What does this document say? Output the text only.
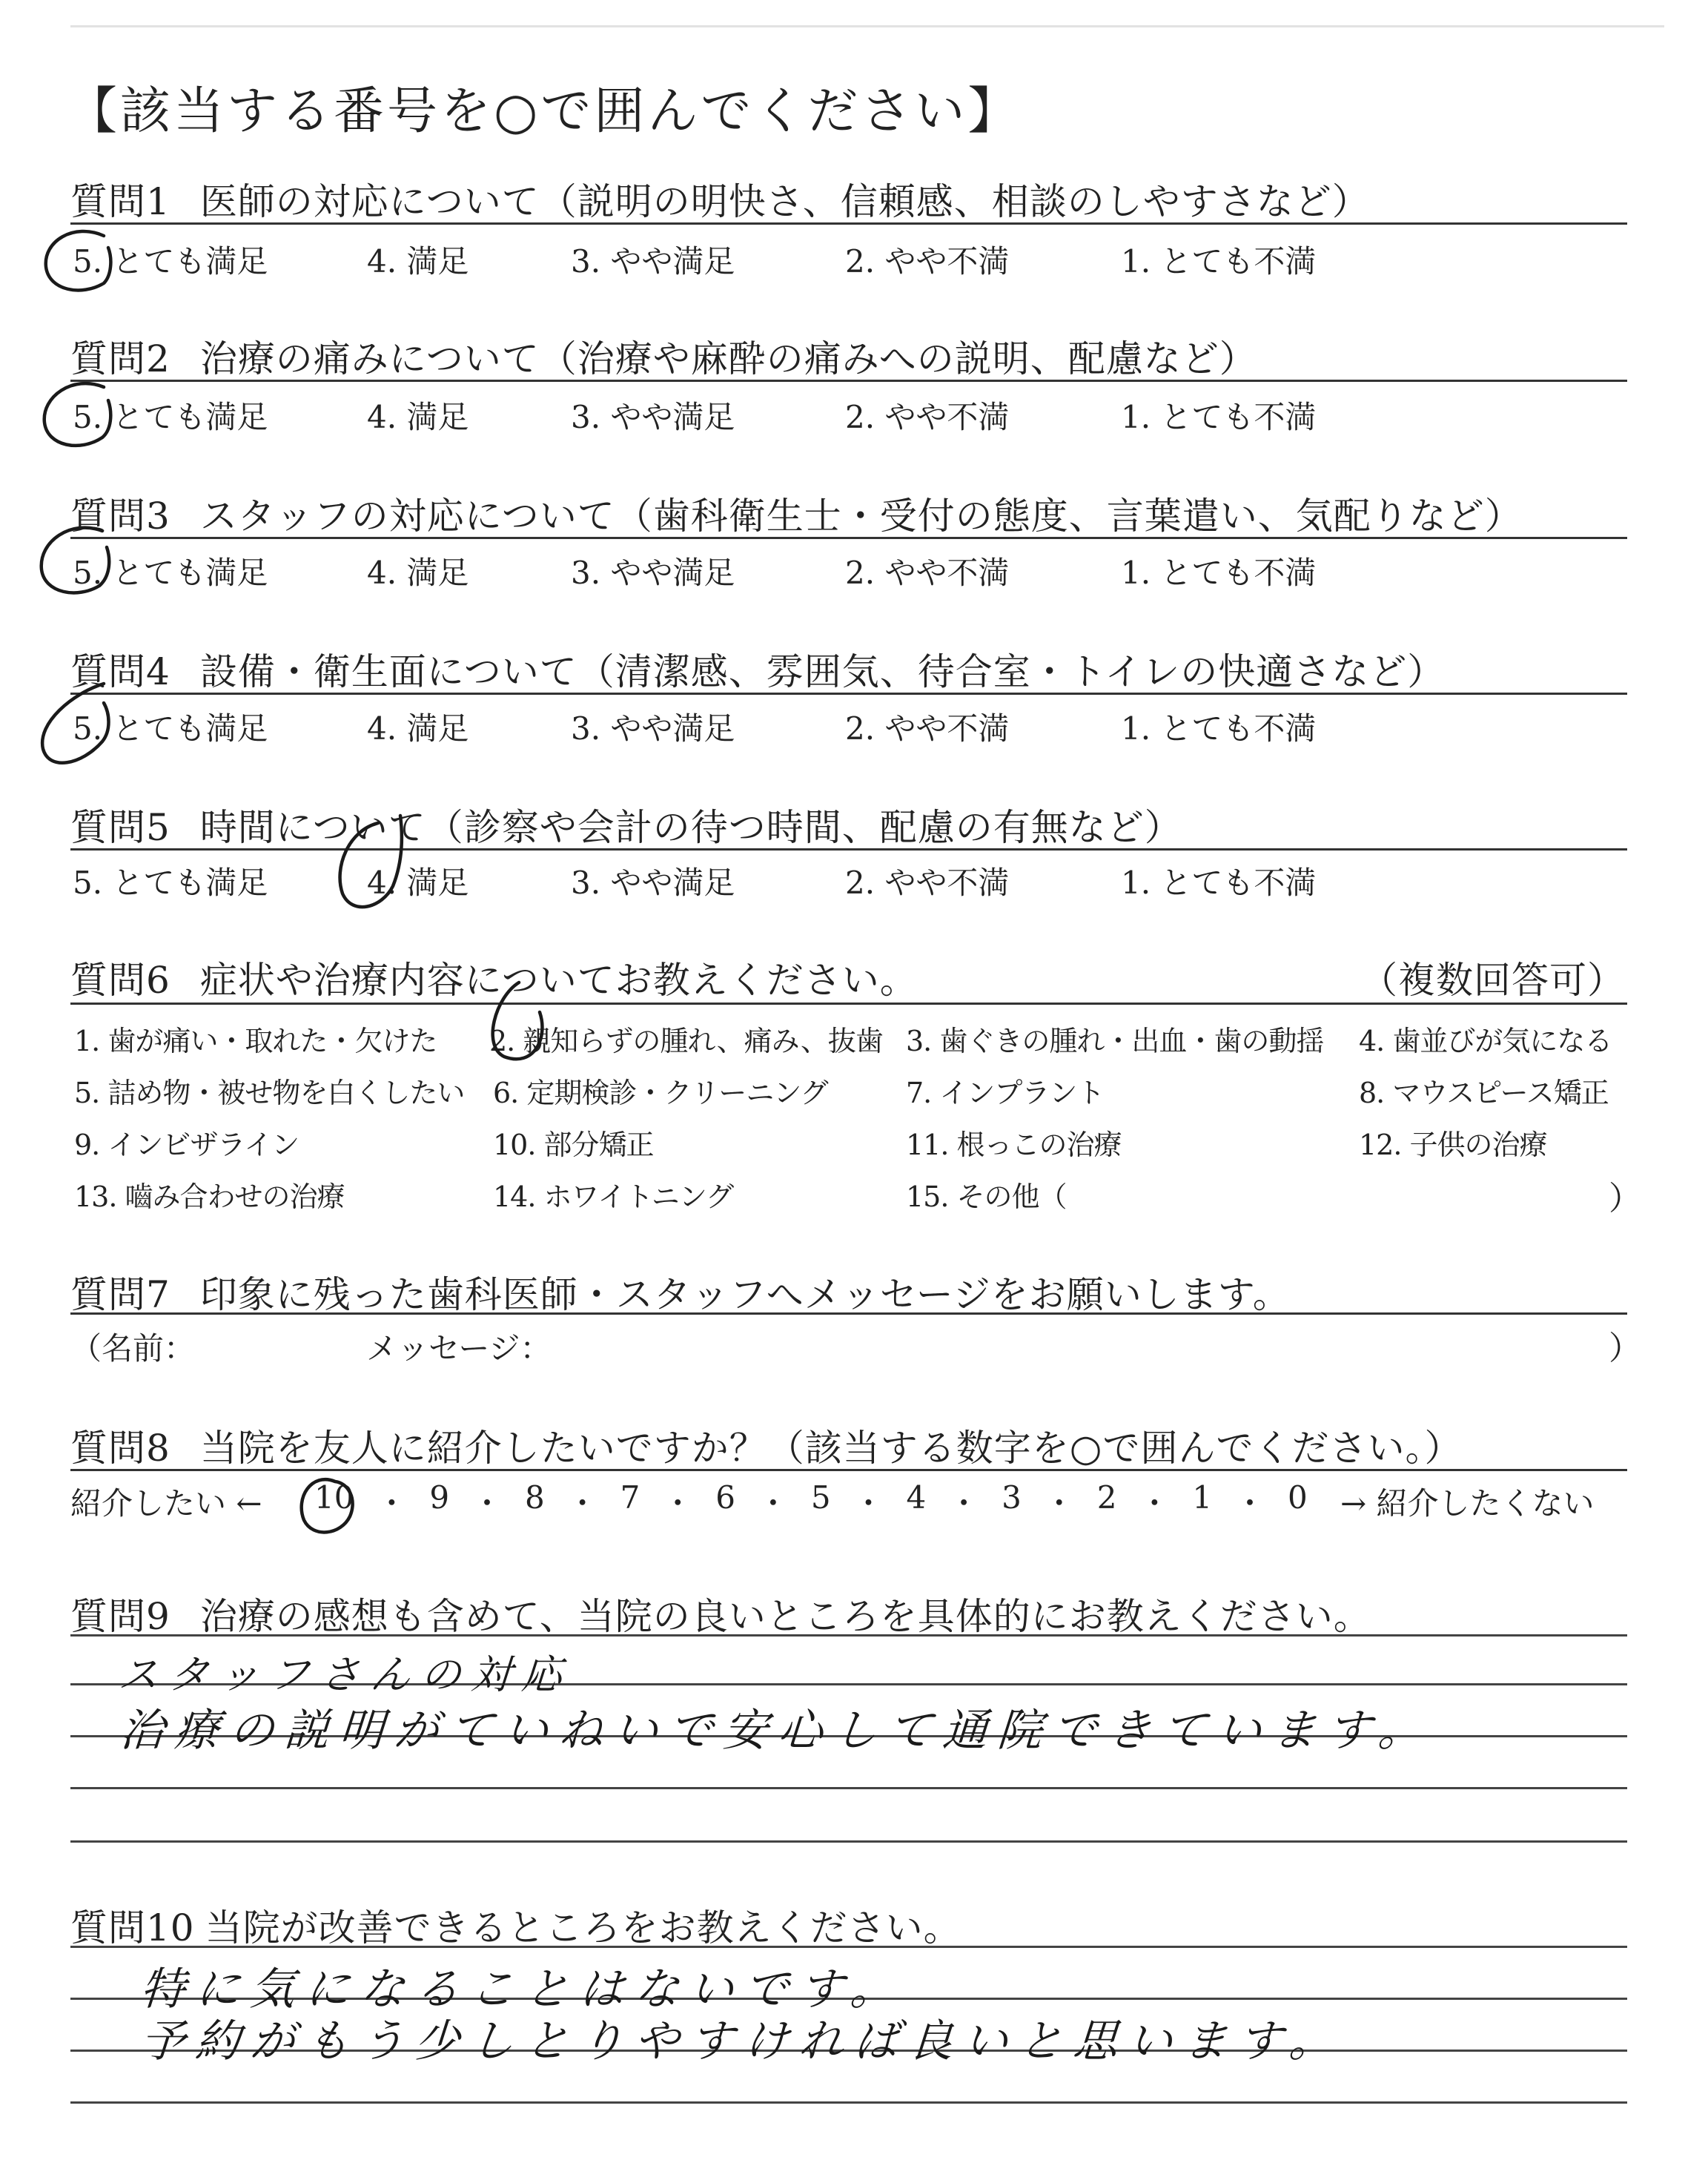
【該当する番号を○で囲んでください】
質問1 医師の対応について（説明の明快さ、信頼感、相談のしやすさなど）
5. とても満足	4. 満足	3. やや満足	2. やや不満	1. とても不満
質問2 治療の痛みについて（治療や麻酔の痛みへの説明、配慮など）
5. とても満足	4. 満足	3. やや満足	2. やや不満	1. とても不満
質問3 スタッフの対応について（歯科衛生士・受付の態度、言葉遣い、気配りなど）
5. とても満足	4. 満足	3. やや満足	2. やや不満	1. とても不満
質問4 設備・衛生面について（清潔感、雰囲気、待合室・トイレの快適さなど）
5. とても満足	4. 満足	3. やや満足	2. やや不満	1. とても不満
質問5 時間について（診察や会計の待つ時間、配慮の有無など）
5. とても満足	4. 満足	3. やや満足	2. やや不満	1. とても不満
質問6 症状や治療内容についてお教えください。	（複数回答可）
1. 歯が痛い・取れた・欠けた 2. 親知らずの腫れ、痛み、抜歯 3. 歯ぐきの腫れ・出血・歯の動揺 4. 歯並びが気になる
5. 詰め物・被せ物を白くしたい 6. 定期検診・クリーニング	7. インプラント	8. マウスピース矯正
9. インビザライン	10. 部分矯正	11. 根っこの治療	12. 子供の治療
13. 嚙み合わせの治療	14. ホワイトニング	15. その他（	）
質問7 印象に残った歯科医師・スタッフへメッセージをお願いします。
（名前：	メッセージ：	）
質問8 当院を友人に紹介したいですか？（該当する数字を○で囲んでください。）
紹介したい ← 10 ・ 9 ・ 8 ・ 7 ・ 6 ・ 5 ・ 4 ・ 3 ・ 2 ・ 1 ・ 0 → 紹介したくない
質問9 治療の感想も含めて、当院の良いところを具体的にお教えください。
スタッフさんの対応
治療の説明がていねいで安心して通院できています。
質問10 当院が改善できるところをお教えください。
特に気になることはないです。
予約がもう少しとりやすければ良いと思います。
